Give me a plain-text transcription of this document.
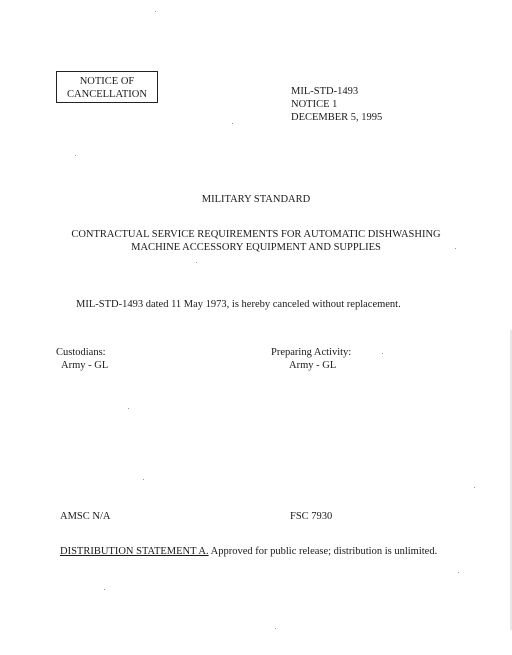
NOTICE OF
CANCELLATION	MIL-STD-1493
NOTICE 1
DECEMBER 5, 1995
MILITARY STANDARD
CONTRACTUAL SERVICE REQUIREMENTS FOR AUTOMATIC DISHWASHING
MACHINE ACCESSORY EQUIPMENT AND SUPPLIES
MIL-STD-1493 dated 11 May 1973, is hereby canceled without replacement.
Custodians:
Army - GL
Preparing Activity:
Army - GL
AMSC N/A	FSC 7930
DISTRIBUTION STATEMENT A. Approved for public release; distribution is unlimited.
